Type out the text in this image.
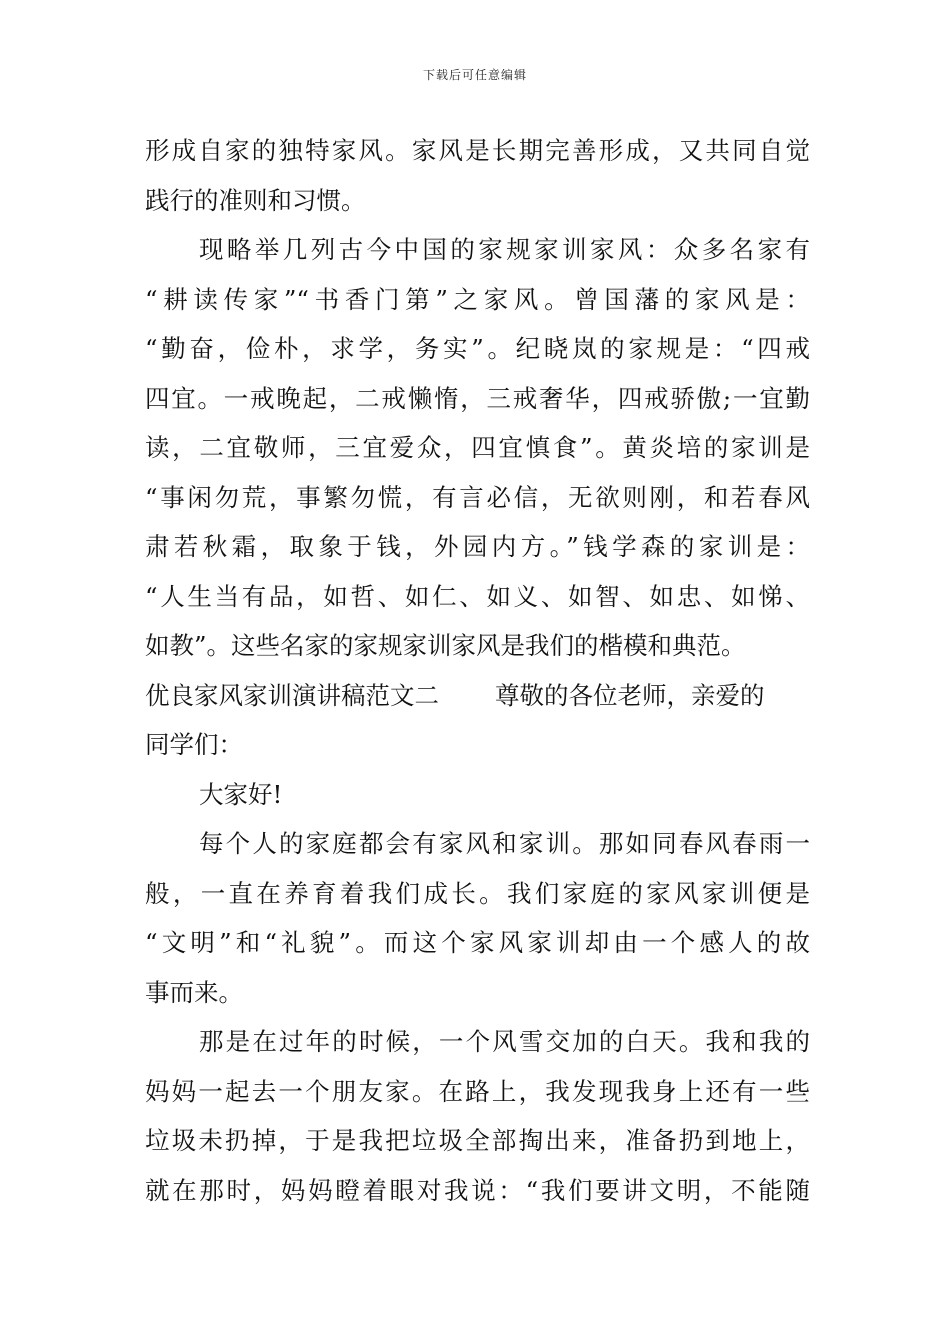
下载后可任意编辑
形成自家的独特家风。家风是长期完善形成，又共同自觉
践行的准则和习惯。
现略举几列古今中国的家规家训家风：众多名家有
“耕读传家”“书香门第”之家风。曾国藩的家风是：
“勤奋，俭朴，求学，务实”。纪晓岚的家规是：“四戒
四宜。一戒晚起，二戒懒惰，三戒奢华，四戒骄傲;一宜勤
读，二宜敬师，三宜爱众，四宜慎食”。黄炎培的家训是
“事闲勿荒，事繁勿慌，有言必信，无欲则刚，和若春风
肃若秋霜，取象于钱，外园内方。”钱学森的家训是：
“人生当有品，如哲、如仁、如义、如智、如忠、如悌、
如教”。这些名家的家规家训家风是我们的楷模和典范。
优良家风家训演讲稿范文二 尊敬的各位老师，亲爱的
同学们：
大家好!
每个人的家庭都会有家风和家训。那如同春风春雨一
般，一直在养育着我们成长。我们家庭的家风家训便是
“文明”和“礼貌”。而这个家风家训却由一个感人的故
事而来。
那是在过年的时候，一个风雪交加的白天。我和我的
妈妈一起去一个朋友家。在路上，我发现我身上还有一些
垃圾未扔掉，于是我把垃圾全部掏出来，准备扔到地上，
就在那时，妈妈瞪着眼对我说：“我们要讲文明，不能随
